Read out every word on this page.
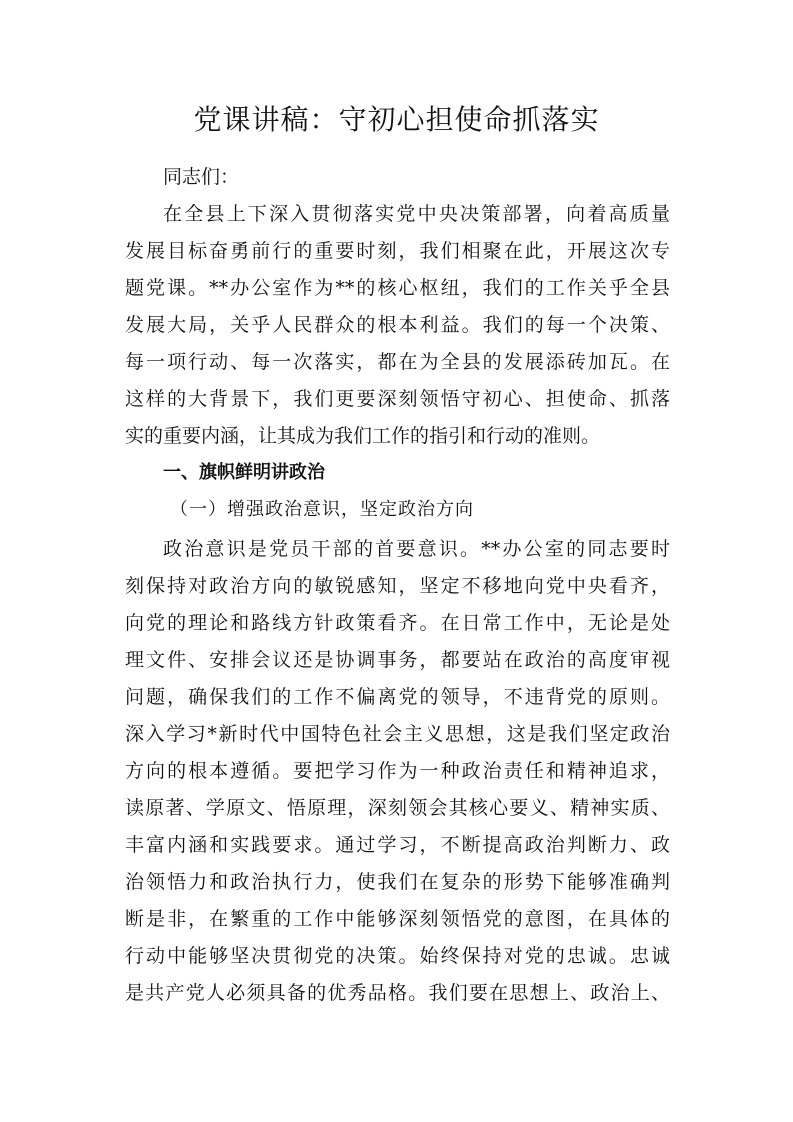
党课讲稿：守初心担使命抓落实
同志们：
在全县上下深入贯彻落实党中央决策部署，向着高质量
发展目标奋勇前行的重要时刻，我们相聚在此，开展这次专
题党课。**办公室作为**的核心枢纽，我们的工作关乎全县
发展大局，关乎人民群众的根本利益。我们的每一个决策、
每一项行动、每一次落实，都在为全县的发展添砖加瓦。在
这样的大背景下，我们更要深刻领悟守初心、担使命、抓落
实的重要内涵，让其成为我们工作的指引和行动的准则。
一、旗帜鲜明讲政治
（一）增强政治意识，坚定政治方向
政治意识是党员干部的首要意识。**办公室的同志要时
刻保持对政治方向的敏锐感知，坚定不移地向党中央看齐，
向党的理论和路线方针政策看齐。在日常工作中，无论是处
理文件、安排会议还是协调事务，都要站在政治的高度审视
问题，确保我们的工作不偏离党的领导，不违背党的原则。
深入学习*新时代中国特色社会主义思想，这是我们坚定政治
方向的根本遵循。要把学习作为一种政治责任和精神追求，
读原著、学原文、悟原理，深刻领会其核心要义、精神实质、
丰富内涵和实践要求。通过学习，不断提高政治判断力、政
治领悟力和政治执行力，使我们在复杂的形势下能够准确判
断是非，在繁重的工作中能够深刻领悟党的意图，在具体的
行动中能够坚决贯彻党的决策。始终保持对党的忠诚。忠诚
是共产党人必须具备的优秀品格。我们要在思想上、政治上、
